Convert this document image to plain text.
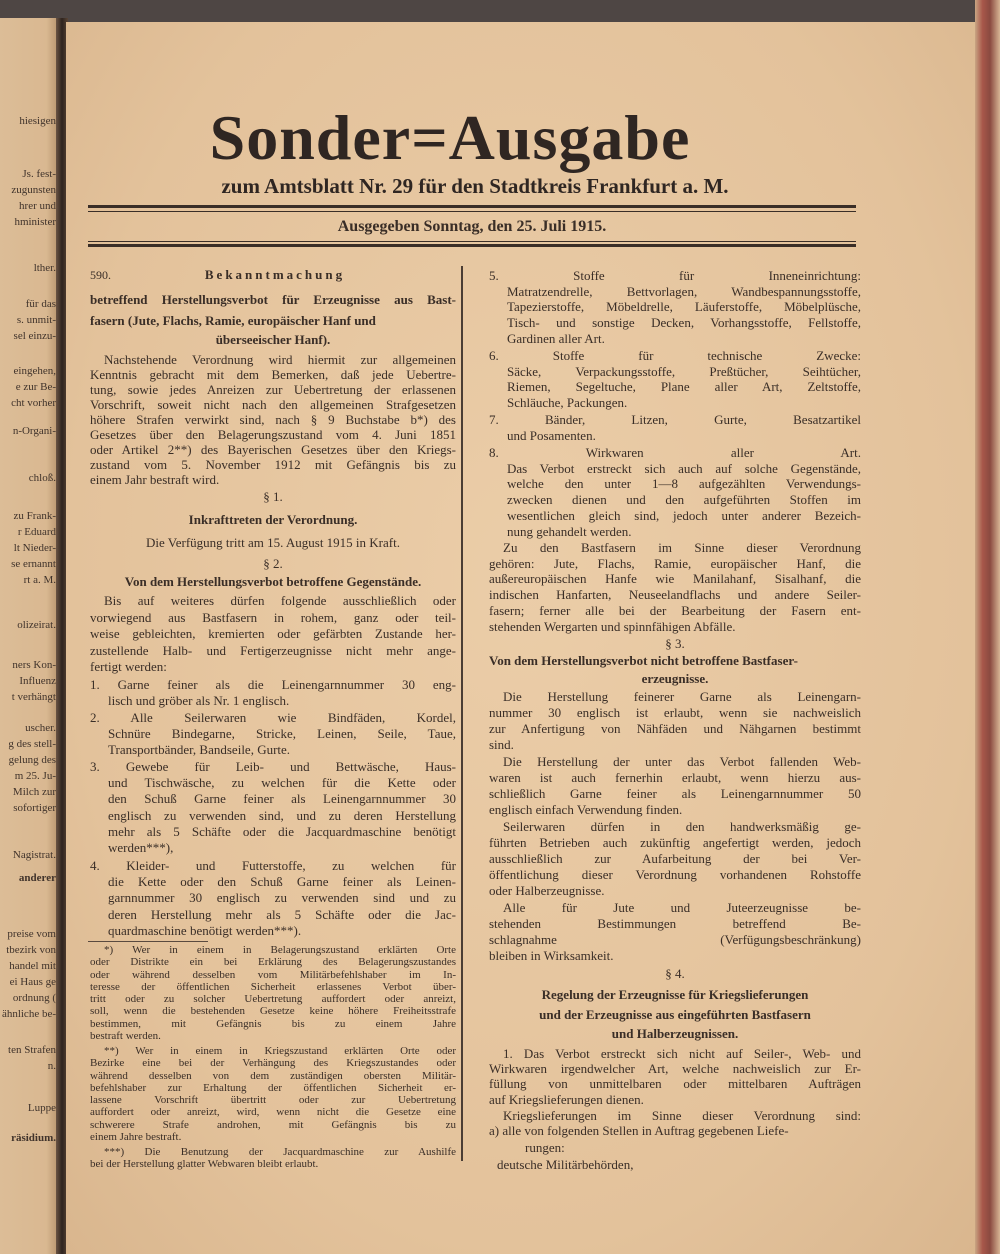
Sonder=Ausgabe
zum Amtsblatt Nr. 29 für den Stadtkreis Frankfurt a. M.
Ausgegeben Sonntag, den 25. Juli 1915.
590.	Bekanntmachung
betreffend Herstellungsverbot für Erzeugnisse aus Bast-
fasern (Jute, Flachs, Ramie, europäischer Hanf und
überseeischer Hanf).
Nachstehende Verordnung wird hiermit zur allgemeinen
Kenntnis gebracht mit dem Bemerken, daß jede Uebertre-
tung, sowie jedes Anreizen zur Uebertretung der erlassenen
Vorschrift, soweit nicht nach den allgemeinen Strafgesetzen
höhere Strafen verwirkt sind, nach § 9 Buchstabe b*) des
Gesetzes über den Belagerungszustand vom 4. Juni 1851
oder Artikel 2**) des Bayerischen Gesetzes über den Kriegs-
zustand vom 5. November 1912 mit Gefängnis bis zu
einem Jahr bestraft wird.
§ 1.
Inkrafttreten der Verordnung.
Die Verfügung tritt am 15. August 1915 in Kraft.
§ 2.
Von dem Herstellungsverbot betroffene Gegenstände.
Bis auf weiteres dürfen folgende ausschließlich oder
vorwiegend aus Bastfasern in rohem, ganz oder teil-
weise gebleichten, kremierten oder gefärbten Zustande her-
zustellende Halb- und Fertigerzeugnisse nicht mehr ange-
fertigt werden:
1. Garne feiner als die Leinengarnnummer 30 eng-
lisch und gröber als Nr. 1 englisch.
2. Alle Seilerwaren wie Bindfäden, Kordel,
Schnüre Bindegarne, Stricke, Leinen, Seile, Taue,
Transportbänder, Bandseile, Gurte.
3. Gewebe für Leib- und Bettwäsche, Haus-
und Tischwäsche, zu welchen für die Kette oder
den Schuß Garne feiner als Leinengarnnummer 30
englisch zu verwenden sind, und zu deren Herstellung
mehr als 5 Schäfte oder die Jacquardmaschine benötigt
werden***),
4. Kleider- und Futterstoffe, zu welchen für
die Kette oder den Schuß Garne feiner als Leinen-
garnnummer 30 englisch zu verwenden sind und zu
deren Herstellung mehr als 5 Schäfte oder die Jac-
quardmaschine benötigt werden***).
*) Wer in einem in Belagerungszustand erklärten Orte
oder Distrikte ein bei Erklärung des Belagerungszustandes
oder während desselben vom Militärbefehlshaber im In-
teresse der öffentlichen Sicherheit erlassenes Verbot über-
tritt oder zu solcher Uebertretung auffordert oder anreizt,
soll, wenn die bestehenden Gesetze keine höhere Freiheitsstrafe
bestimmen, mit Gefängnis bis zu einem Jahre
bestraft werden.
**) Wer in einem in Kriegszustand erklärten Orte oder
Bezirke eine bei der Verhängung des Kriegszustandes oder
während desselben von dem zuständigen obersten Militär-
befehlshaber zur Erhaltung der öffentlichen Sicherheit er-
lassene Vorschrift übertritt oder zur Uebertretung
auffordert oder anreizt, wird, wenn nicht die Gesetze eine
schwerere Strafe androhen, mit Gefängnis bis zu
einem Jahre bestraft.
***) Die Benutzung der Jacquardmaschine zur Aushilfe
bei der Herstellung glatter Webwaren bleibt erlaubt.
5. Stoffe für Inneneinrichtung:
Matratzendrelle, Bettvorlagen, Wandbespannungsstoffe,
Tapezierstoffe, Möbeldrelle, Läuferstoffe, Möbelplüsche,
Tisch- und sonstige Decken, Vorhangsstoffe, Fellstoffe,
Gardinen aller Art.
6. Stoffe für technische Zwecke:
Säcke, Verpackungsstoffe, Preßtücher, Seihtücher,
Riemen, Segeltuche, Plane aller Art, Zeltstoffe,
Schläuche, Packungen.
7. Bänder, Litzen, Gurte, Besatzartikel
und Posamenten.
8. Wirkwaren aller Art.
Das Verbot erstreckt sich auch auf solche Gegenstände,
welche den unter 1—8 aufgezählten Verwendungs-
zwecken dienen und den aufgeführten Stoffen im
wesentlichen gleich sind, jedoch unter anderer Bezeich-
nung gehandelt werden.
Zu den Bastfasern im Sinne dieser Verordnung
gehören: Jute, Flachs, Ramie, europäischer Hanf, die
außereuropäischen Hanfe wie Manilahanf, Sisalhanf, die
indischen Hanfarten, Neuseelandflachs und andere Seiler-
fasern; ferner alle bei der Bearbeitung der Fasern ent-
stehenden Wergarten und spinnfähigen Abfälle.
§ 3.
Von dem Herstellungsverbot nicht betroffene Bastfaser-
erzeugnisse.
Die Herstellung feinerer Garne als Leinengarn-
nummer 30 englisch ist erlaubt, wenn sie nachweislich
zur Anfertigung von Nähfäden und Nähgarnen bestimmt
sind.
Die Herstellung der unter das Verbot fallenden Web-
waren ist auch fernerhin erlaubt, wenn hierzu aus-
schließlich Garne feiner als Leinengarnnummer 50
englisch einfach Verwendung finden.
Seilerwaren dürfen in den handwerksmäßig ge-
führten Betrieben auch zukünftig angefertigt werden, jedoch
ausschließlich zur Aufarbeitung der bei Ver-
öffentlichung dieser Verordnung vorhandenen Rohstoffe
oder Halberzeugnisse.
Alle für Jute und Juteerzeugnisse be-
stehenden Bestimmungen betreffend Be-
schlagnahme (Verfügungsbeschränkung)
bleiben in Wirksamkeit.
§ 4.
Regelung der Erzeugnisse für Kriegslieferungen
und der Erzeugnisse aus eingeführten Bastfasern
und Halberzeugnissen.
1. Das Verbot erstreckt sich nicht auf Seiler-, Web- und
Wirkwaren irgendwelcher Art, welche nachweislich zur Er-
füllung von unmittelbaren oder mittelbaren Aufträgen
auf Kriegslieferungen dienen.
Kriegslieferungen im Sinne dieser Verordnung sind:
a) alle von folgenden Stellen in Auftrag gegebenen Liefe-
rungen:
deutsche Militärbehörden,
hiesigen
Js. fest-
zugunsten
hrer und
hminister
lther.
für das
s. unmit-
sel einzu-
eingehen,
e zur Be-
cht vorher
n-Organi-
chloß.
zu Frank-
r Eduard
lt Nieder-
se ernannt
rt a. M.
olizeirat.
ners Kon-
Influenz
t verhängt
uscher.
g des stell-
gelung des
m 25. Ju-
Milch zur
sofortiger
Nagistrat.
anderer
preise vom
tbezirk von
handel mit
ei Haus ge
ordnung (
ähnliche be-
ten Strafen
n.
Luppe
räsidium.
